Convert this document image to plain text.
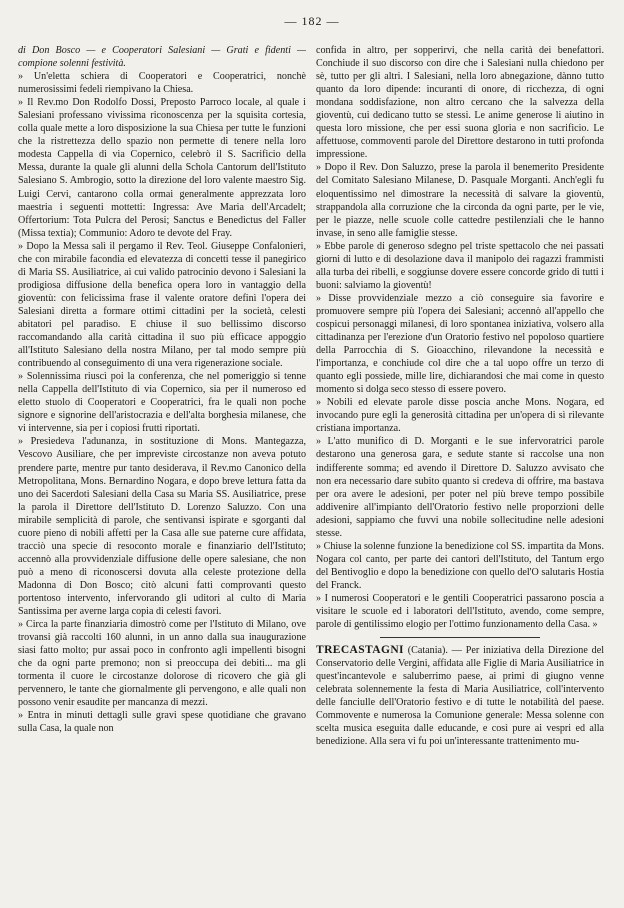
— 182 —

di Don Bosco — e Cooperatori Salesiani — Grati e fidenti — compione solenni festività.

» Un'eletta schiera di Cooperatori e Cooperatrici, nonchè numerosissimi fedeli riempivano la Chiesa.

» Il Rev.mo Don Rodolfo Dossi, Preposto Parroco locale, al quale i Salesiani professano vivissima riconoscenza per la squisita cortesia, colla quale mette a loro disposizione la sua Chiesa per tutte le funzioni che la ristrettezza dello spazio non permette di tenere nella loro modesta Cappella di via Copernico, celebrò il S. Sacrificio della Messa, durante la quale gli alunni della Schola Cantorum dell'Istituto Salesiano S. Ambrogio, sotto la direzione del loro valente maestro Sig. Luigi Cervi, cantarono colla ormai generalmente apprezzata loro maestria i seguenti mottetti: Ingressa: Ave Maria dell'Arcadelt; Offertorium: Tota Pulcra del Perosi; Sanctus e Benedictus del Faller (Missa textia); Communio: Adoro te devote del Fray.

» Dopo la Messa salì il pergamo il Rev. Teol. Giuseppe Confalonieri, che con mirabile facondia ed elevatezza di concetti tesse il panegirico di Maria SS. Ausiliatrice, ai cui valido patrocinio devono i Salesiani la prodigiosa diffusione della benefica opera loro in vantaggio della gioventù: con felicissima frase il valente oratore definì l'opera dei Salesiani diretta a formare ottimi cittadini per la società, celesti abitatori pel paradiso. E chiuse il suo bellissimo discorso raccomandando alla carità cittadina il suo più efficace appoggio all'Istituto Salesiano della nostra Milano, per tal modo sempre più contribuendo al conseguimento di una vera rigenerazione sociale.

» Solennissima riuscì poi la conferenza, che nel pomeriggio si tenne nella Cappella dell'Istituto di via Copernico, sia per il numeroso ed eletto stuolo di Cooperatori e Cooperatrici, fra le quali non poche signore e signorine dell'aristocrazia e dell'alta borghesia milanese, che vi intervenne, sia per i copiosi frutti riportati.

» Presiedeva l'adunanza, in sostituzione di Mons. Mantegazza, Vescovo Ausiliare, che per impreviste circostanze non aveva potuto prendere parte, mentre pur tanto desiderava, il Rev.mo Canonico della Metropolitana, Mons. Bernardino Nogara, e dopo breve lettura fatta da uno dei Sacerdoti Salesiani della Casa su Maria SS. Ausiliatrice, prese la parola il Direttore dell'Istituto D. Lorenzo Saluzzo. Con una mirabile semplicità di parole, che sentivansi ispirate e sgorganti dal cuore pieno di nobili affetti per la Casa alle sue paterne cure affidata, tracciò una specie di resoconto morale e finanziario dell'Istituto; accennò alla provvidenziale diffusione delle opere salesiane, che non può a meno di riconoscersi dovuta alla celeste protezione della Madonna di Don Bosco; citò alcuni fatti comprovanti questo portentoso intervento, infervorando gli uditori al culto di Maria Santissima per averne larga copia di celesti favori.

» Circa la parte finanziaria dimostrò come per l'Istituto di Milano, ove trovansi già raccolti 160 alunni, in un anno dalla sua inaugurazione siasi fatto molto; pur assai poco in confronto agli impellenti bisogni che da ogni parte premono; non si preoccupa dei debiti... ma gli tormenta il cuore le circostanze dolorose di ricovero che già gli pervennero, le tante che giornalmente gli pervengono, e alle quali non possono venir esaudite per mancanza di mezzi.

» Entra in minuti dettagli sulle gravi spese quotidiane che gravano sulla Casa, la quale non

confida in altro, per sopperirvi, che nella carità dei benefattori. Conchiude il suo discorso con dire che i Salesiani nulla chiedono per sè, tutto per gli altri. I Salesiani, nella loro abnegazione, dànno tutto quanto da loro dipende: incuranti di onore, di ricchezza, di ogni mondana soddisfazione, non altro cercano che la salvezza della gioventù, cui dedicano tutto se stessi. Le anime generose li aiutino in questa loro missione, che per essi suona gloria e non sacrificio. Le affettuose, commoventi parole del Direttore destarono in tutti profonda impressione.

» Dopo il Rev. Don Saluzzo, prese la parola il benemerito Presidente del Comitato Salesiano Milanese, D. Pasquale Morganti. Anch'egli fu eloquentissimo nel dimostrare la necessità di salvare la gioventù, strappandola alla corruzione che la circonda da ogni parte, per le vie, per le piazze, nelle scuole colle cattedre pestilenziali che le hanno invase, in seno alle famiglie stesse.

» Ebbe parole di generoso sdegno pel triste spettacolo che nei passati giorni di lutto e di desolazione dava il manipolo dei ragazzi frammisti alla turba dei ribelli, e soggiunse dovere essere concorde grido di tutti i buoni: salviamo la gioventù!

» Disse provvidenziale mezzo a ciò conseguire sia favorire e promuovere sempre più l'opera dei Salesiani; accennò all'appello che cospicui personaggi milanesi, di loro spontanea iniziativa, volsero alla cittadinanza per l'erezione d'un Oratorio festivo nel popoloso quartiere della Parrocchia di S. Gioacchino, rilevandone la necessità e l'importanza, e conchiude col dire che a tal uopo offre un terzo di quanto egli possiede, mille lire, dichiarandosi che mai come in questo momento si dolga seco stesso di essere povero.

» Nobili ed elevate parole disse poscia anche Mons. Nogara, ed invocando pure egli la generosità cittadina per un'opera di sì rilevante cristiana importanza.

» L'atto munifico di D. Morganti e le sue infervoratrici parole destarono una generosa gara, e sedute stante si raccolse una non indifferente somma; ed avendo il Direttore D. Saluzzo avvisato che non era necessario dare subito quanto si credeva di offrire, ma bastava per ora avere le adesioni, per poter nel più breve tempo possibile addivenire all'impianto dell'Oratorio festivo nelle proporzioni delle adesioni, sappiamo che fuvvi una nobile sollecitudine nelle adesioni stesse.

» Chiuse la solenne funzione la benedizione col SS. impartita da Mons. Nogara col canto, per parte dei cantori dell'Istituto, del Tantum ergo del Bentivoglio e dopo la benedizione con quello del'O salutaris Hostia del Franck.

» I numerosi Cooperatori e le gentili Cooperatrici passarono poscia a visitare le scuole ed i laboratori dell'Istituto, avendo, come sempre, parole di gentilissimo elogio per l'ottimo funzionamento della Casa. »

TRECASTAGNI (Catania). — Per iniziativa della Direzione del Conservatorio delle Vergini, affidata alle Figlie di Maria Ausiliatrice in quest'incantevole e saluberrimo paese, ai primi di giugno venne celebrata solennemente la festa di Maria Ausiliatrice, coll'intervento delle fanciulle dell'Oratorio festivo e di tutte le notabilità del paese. Commovente e numerosa la Comunione generale: Messa solenne con scelta musica eseguita dalle educande, e così pure ai vespri ed alla benedizione. Alla sera vi fu poi un'interessante trattenimento mu-
